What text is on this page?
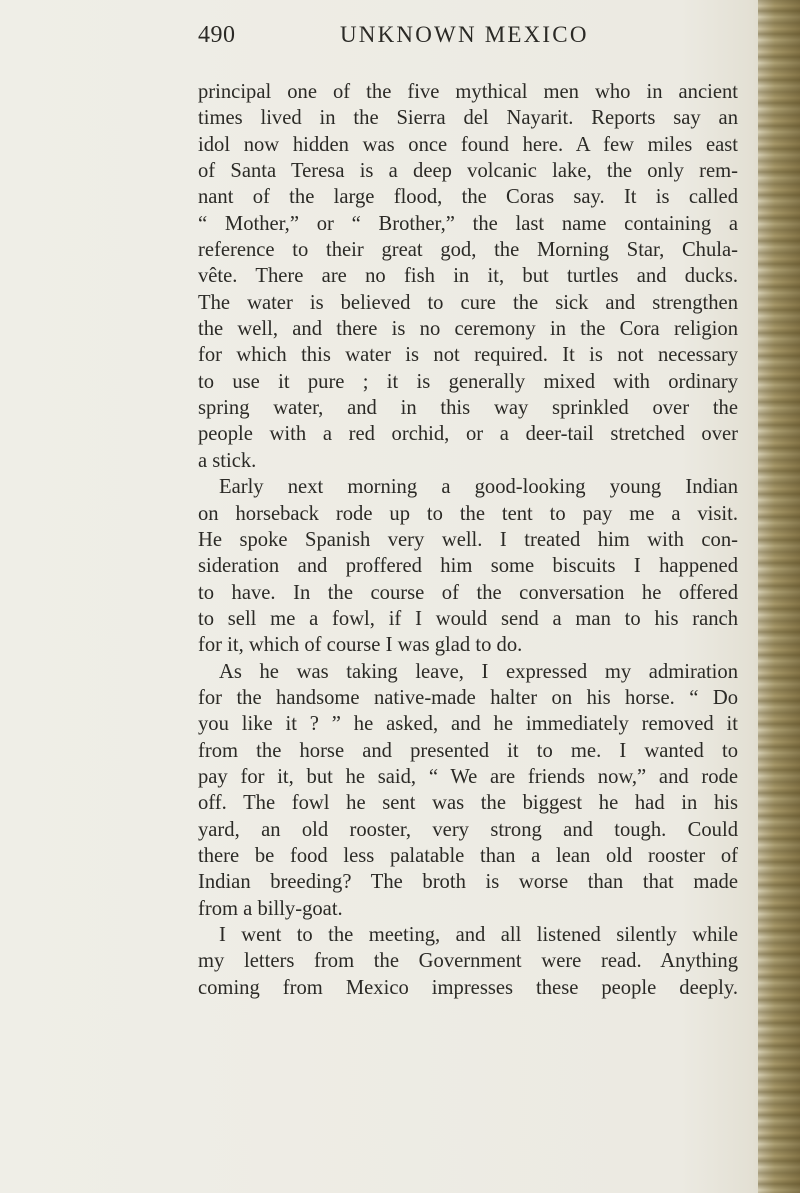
490	UNKNOWN MEXICO
principal one of the five mythical men who in ancient
times lived in the Sierra del Nayarit. Reports say an
idol now hidden was once found here. A few miles east
of Santa Teresa is a deep volcanic lake, the only rem-
nant of the large flood, the Coras say. It is called
“ Mother,” or “ Brother,” the last name containing a
reference to their great god, the Morning Star, Chula-
vête. There are no fish in it, but turtles and ducks.
The water is believed to cure the sick and strengthen
the well, and there is no ceremony in the Cora religion
for which this water is not required. It is not necessary
to use it pure ; it is generally mixed with ordinary
spring water, and in this way sprinkled over the
people with a red orchid, or a deer-tail stretched over
a stick.
Early next morning a good-looking young Indian
on horseback rode up to the tent to pay me a visit.
He spoke Spanish very well. I treated him with con-
sideration and proffered him some biscuits I happened
to have. In the course of the conversation he offered
to sell me a fowl, if I would send a man to his ranch
for it, which of course I was glad to do.
As he was taking leave, I expressed my admiration
for the handsome native-made halter on his horse. “ Do
you like it ? ” he asked, and he immediately removed it
from the horse and presented it to me. I wanted to
pay for it, but he said, “ We are friends now,” and rode
off. The fowl he sent was the biggest he had in his
yard, an old rooster, very strong and tough. Could
there be food less palatable than a lean old rooster of
Indian breeding? The broth is worse than that made
from a billy-goat.
I went to the meeting, and all listened silently while
my letters from the Government were read. Anything
coming from Mexico impresses these people deeply.
